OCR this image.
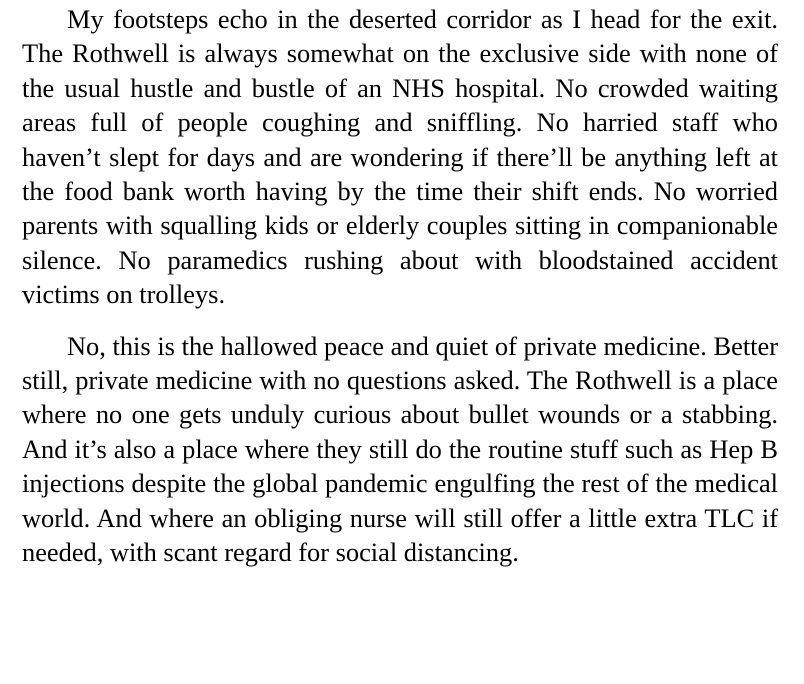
My footsteps echo in the deserted corridor as I head for the exit. The Rothwell is always somewhat on the exclusive side with none of the usual hustle and bustle of an NHS hospital. No crowded waiting areas full of people coughing and sniffling. No harried staff who haven’t slept for days and are wondering if there’ll be anything left at the food bank worth having by the time their shift ends. No worried parents with squalling kids or elderly couples sitting in companionable silence. No paramedics rushing about with bloodstained accident victims on trolleys.

No, this is the hallowed peace and quiet of private medicine. Better still, private medicine with no questions asked. The Rothwell is a place where no one gets unduly curious about bullet wounds or a stabbing. And it’s also a place where they still do the routine stuff such as Hep B injections despite the global pandemic engulfing the rest of the medical world. And where an obliging nurse will still offer a little extra TLC if needed, with scant regard for social distancing.
